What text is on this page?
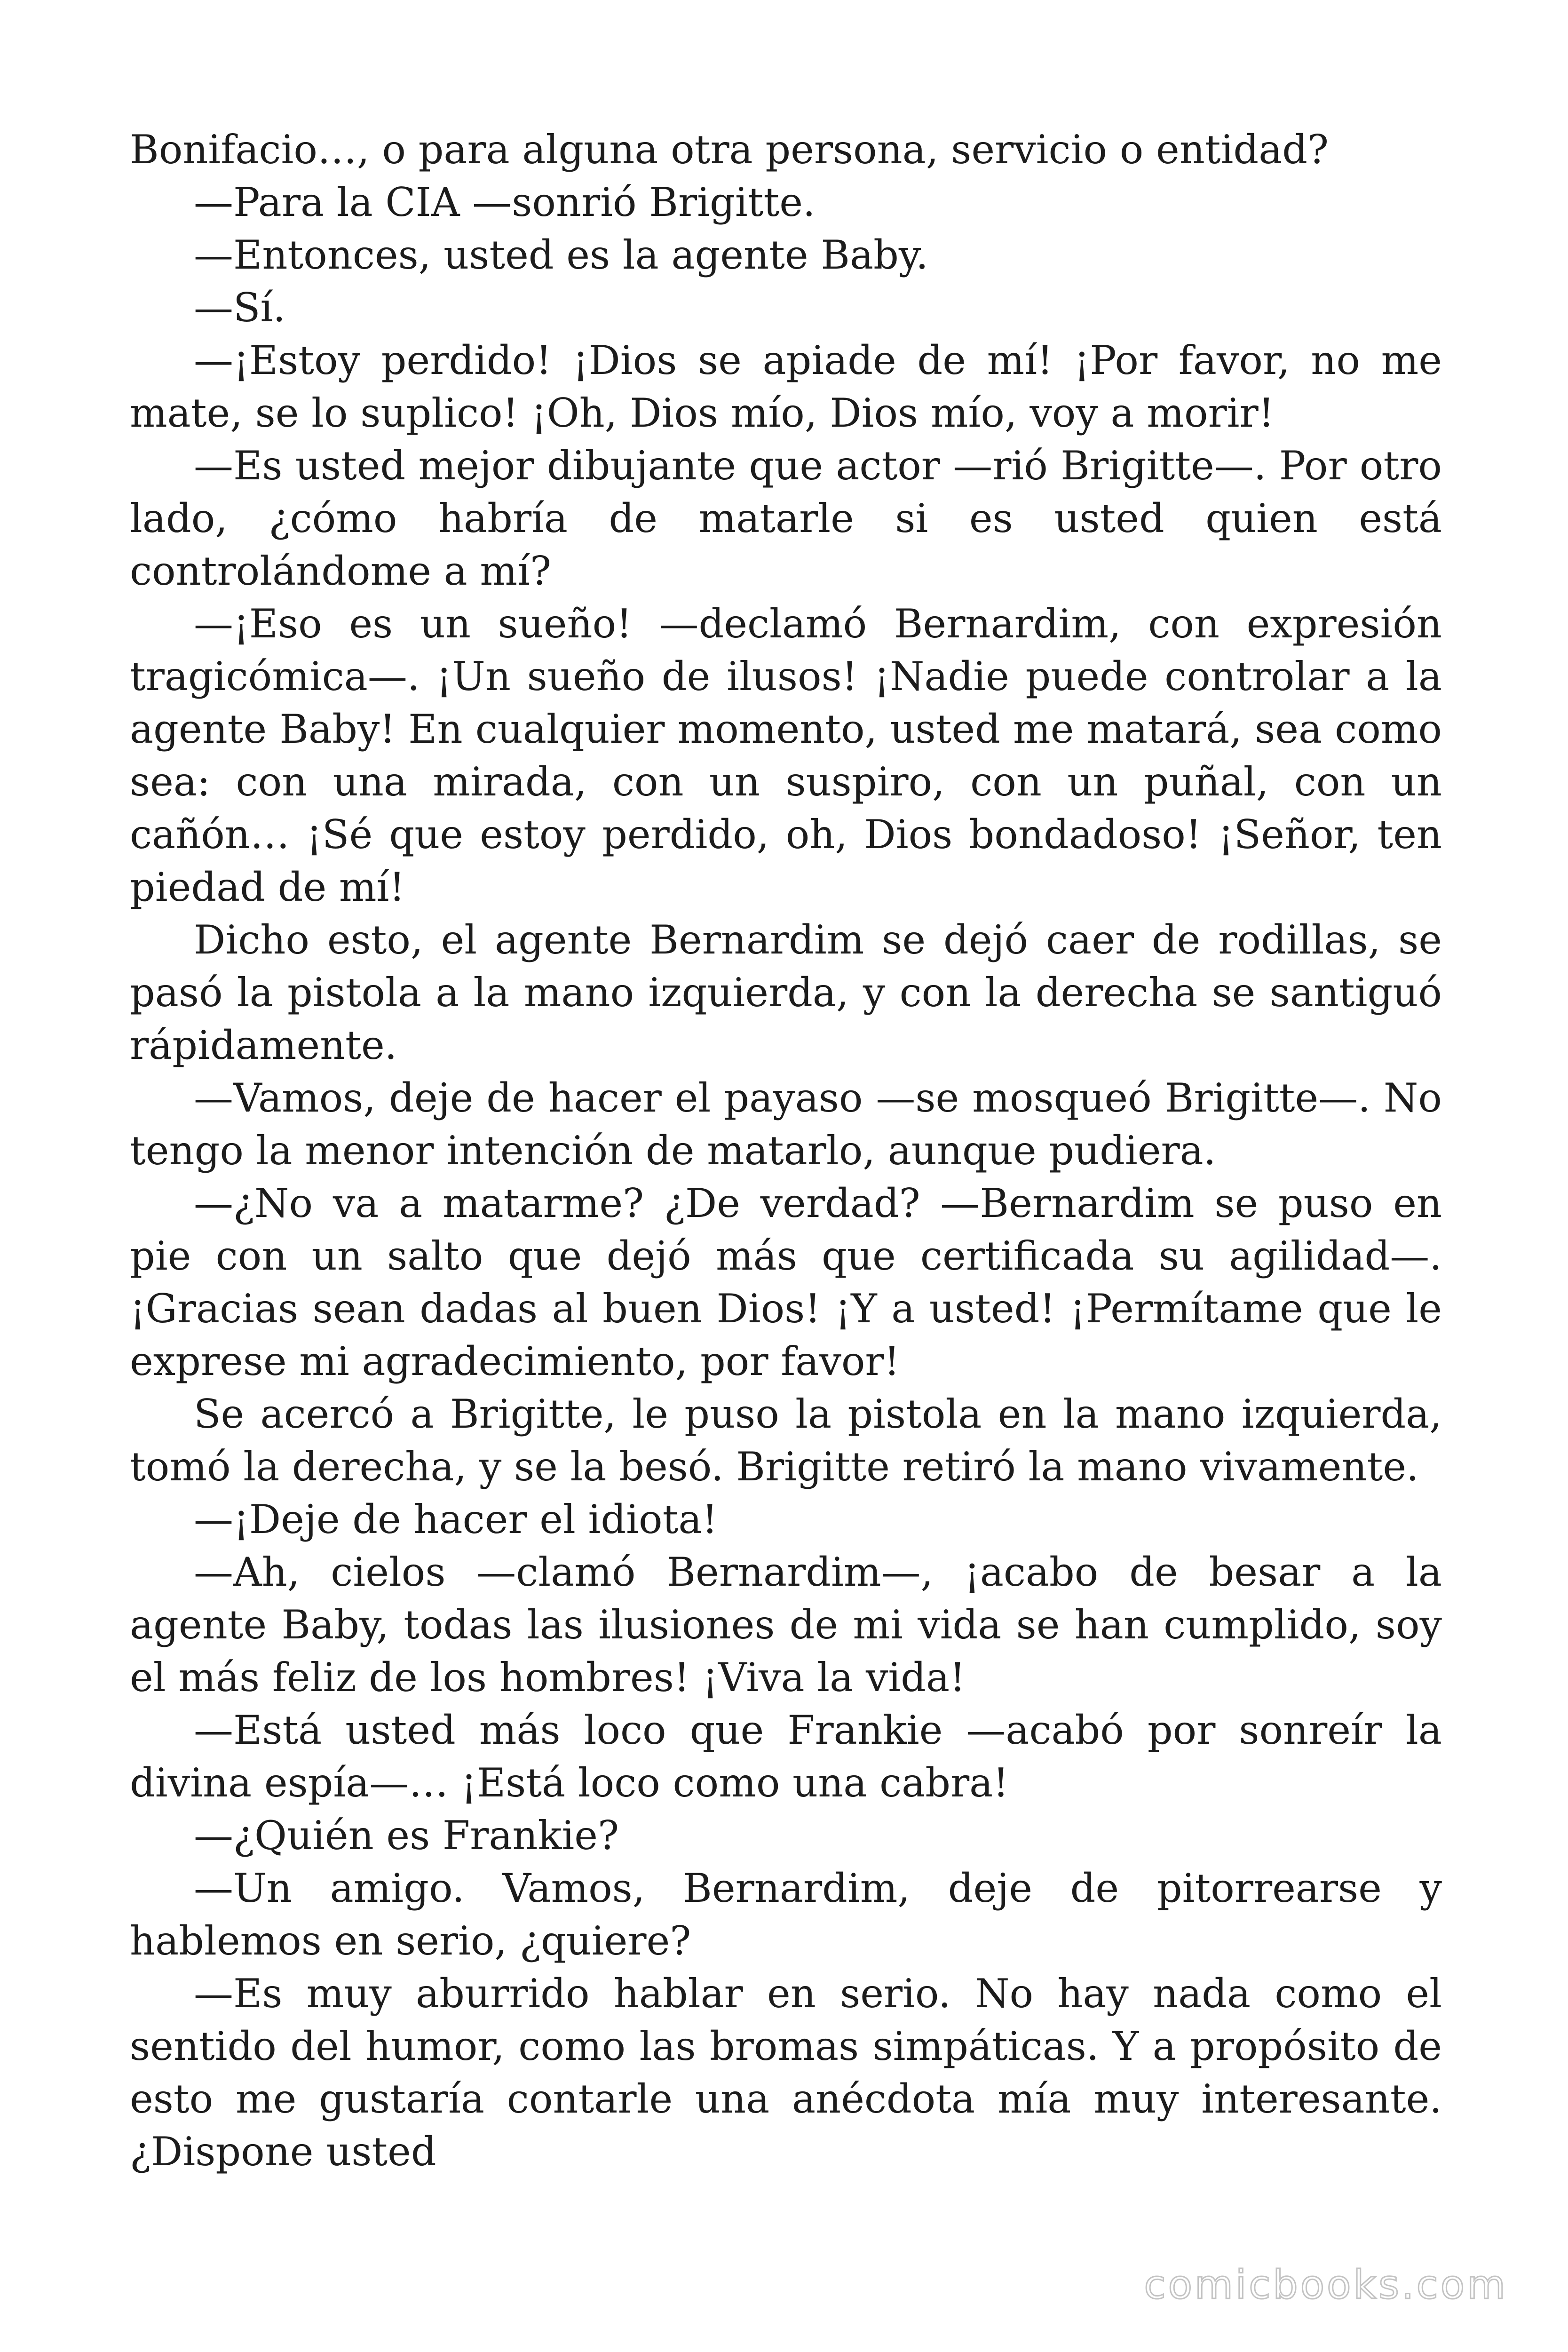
Bonifacio…, o para alguna otra persona, servicio o entidad?

—Para la CIA —sonrió Brigitte.

—Entonces, usted es la agente Baby.

—Sí.

—¡Estoy perdido! ¡Dios se apiade de mí! ¡Por favor, no me mate, se lo suplico! ¡Oh, Dios mío, Dios mío, voy a morir!

—Es usted mejor dibujante que actor —rió Brigitte—. Por otro lado, ¿cómo habría de matarle si es usted quien está controlándome a mí?

—¡Eso es un sueño! —declamó Bernardim, con expresión tragicómica—. ¡Un sueño de ilusos! ¡Nadie puede controlar a la agente Baby! En cualquier momento, usted me matará, sea como sea: con una mirada, con un suspiro, con un puñal, con un cañón… ¡Sé que estoy perdido, oh, Dios bondadoso! ¡Señor, ten piedad de mí!

Dicho esto, el agente Bernardim se dejó caer de rodillas, se pasó la pistola a la mano izquierda, y con la derecha se santiguó rápidamente.

—Vamos, deje de hacer el payaso —se mosqueó Brigitte—. No tengo la menor intención de matarlo, aunque pudiera.

—¿No va a matarme? ¿De verdad? —Bernardim se puso en pie con un salto que dejó más que certificada su agilidad—. ¡Gracias sean dadas al buen Dios! ¡Y a usted! ¡Permítame que le exprese mi agradecimiento, por favor!

Se acercó a Brigitte, le puso la pistola en la mano izquierda, tomó la derecha, y se la besó. Brigitte retiró la mano vivamente.

—¡Deje de hacer el idiota!

—Ah, cielos —clamó Bernardim—, ¡acabo de besar a la agente Baby, todas las ilusiones de mi vida se han cumplido, soy el más feliz de los hombres! ¡Viva la vida!

—Está usted más loco que Frankie —acabó por sonreír la divina espía—… ¡Está loco como una cabra!

—¿Quién es Frankie?

—Un amigo. Vamos, Bernardim, deje de pitorrearse y hablemos en serio, ¿quiere?

—Es muy aburrido hablar en serio. No hay nada como el sentido del humor, como las bromas simpáticas. Y a propósito de esto me gustaría contarle una anécdota mía muy interesante. ¿Dispone usted

comicbooks.com
